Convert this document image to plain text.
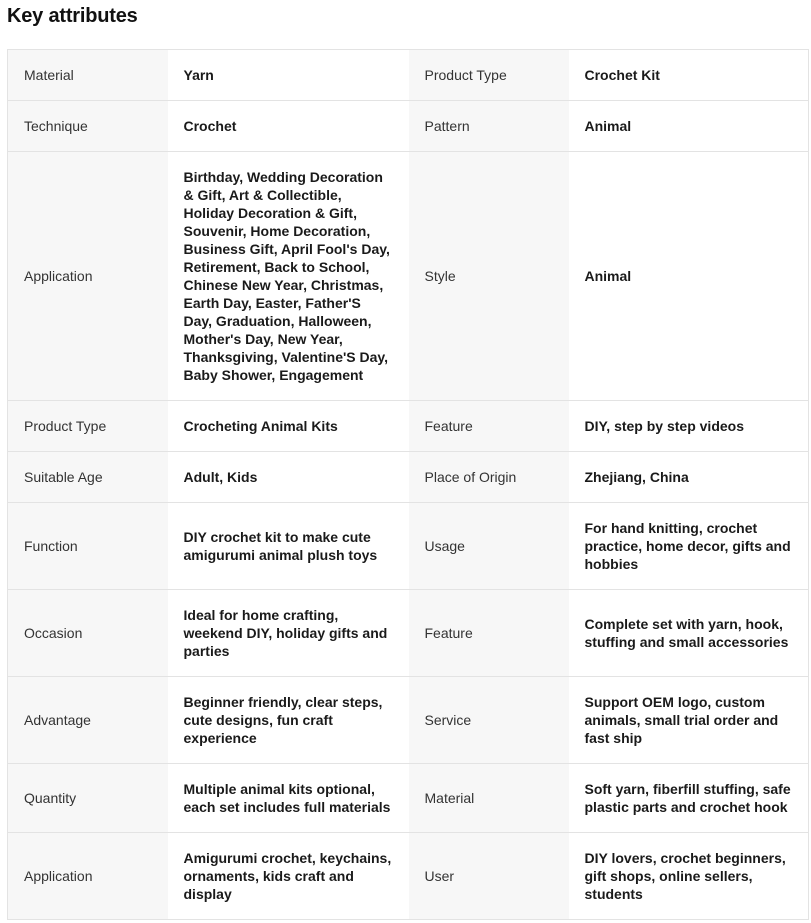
Key attributes
Material	Yarn	Product Type	Crochet Kit
Technique	Crochet	Pattern	Animal
Application	Birthday, Wedding Decoration & Gift, Art & Collectible, Holiday Decoration & Gift, Souvenir, Home Decoration, Business Gift, April Fool's Day, Retirement, Back to School, Chinese New Year, Christmas, Earth Day, Easter, Father'S Day, Graduation, Halloween, Mother's Day, New Year, Thanksgiving, Valentine'S Day, Baby Shower, Engagement	Style	Animal
Product Type	Crocheting Animal Kits	Feature	DIY, step by step videos
Suitable Age	Adult, Kids	Place of Origin	Zhejiang, China
Function	DIY crochet kit to make cute amigurumi animal plush toys	Usage	For hand knitting, crochet practice, home decor, gifts and hobbies
Occasion	Ideal for home crafting, weekend DIY, holiday gifts and parties	Feature	Complete set with yarn, hook, stuffing and small accessories
Advantage	Beginner friendly, clear steps, cute designs, fun craft experience	Service	Support OEM logo, custom animals, small trial order and fast ship
Quantity	Multiple animal kits optional, each set includes full materials	Material	Soft yarn, fiberfill stuffing, safe plastic parts and crochet hook
Application	Amigurumi crochet, keychains, ornaments, kids craft and display	User	DIY lovers, crochet beginners, gift shops, online sellers, students
